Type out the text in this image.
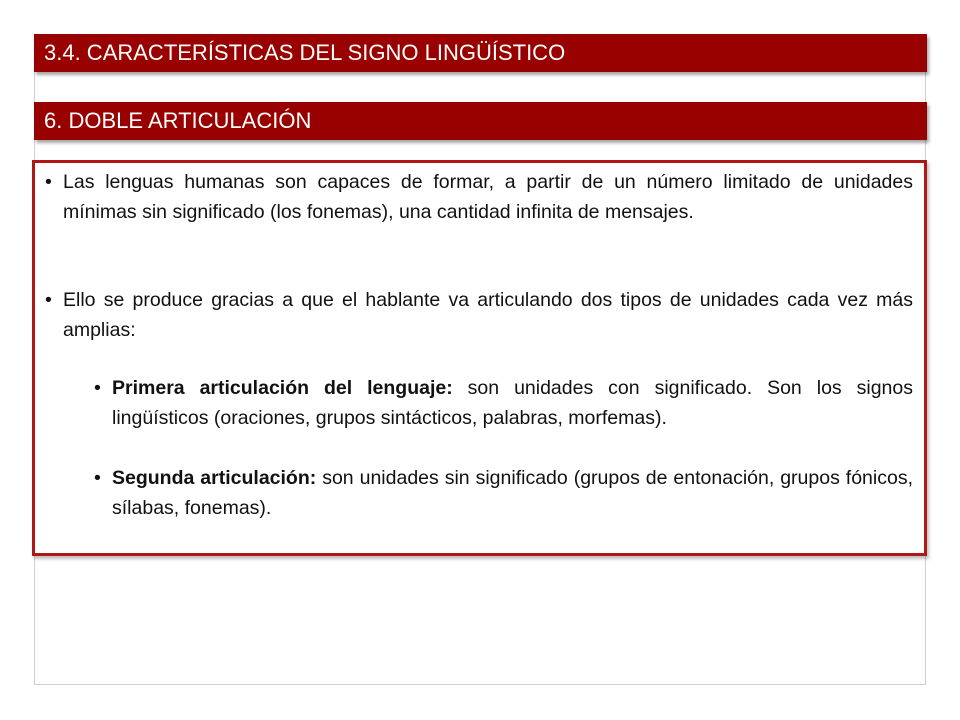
3.4. CARACTERÍSTICAS DEL SIGNO LINGÜÍSTICO
6. DOBLE ARTICULACIÓN
• Las lenguas humanas son capaces de formar, a partir de un número limitado de unidades mínimas sin significado (los fonemas), una cantidad infinita de mensajes.
• Ello se produce gracias a que el hablante va articulando dos tipos de unidades cada vez más amplias:
• Primera articulación del lenguaje: son unidades con significado. Son los signos lingüísticos (oraciones, grupos sintácticos, palabras, morfemas).
• Segunda articulación: son unidades sin significado (grupos de entonación, grupos fónicos, sílabas, fonemas).
